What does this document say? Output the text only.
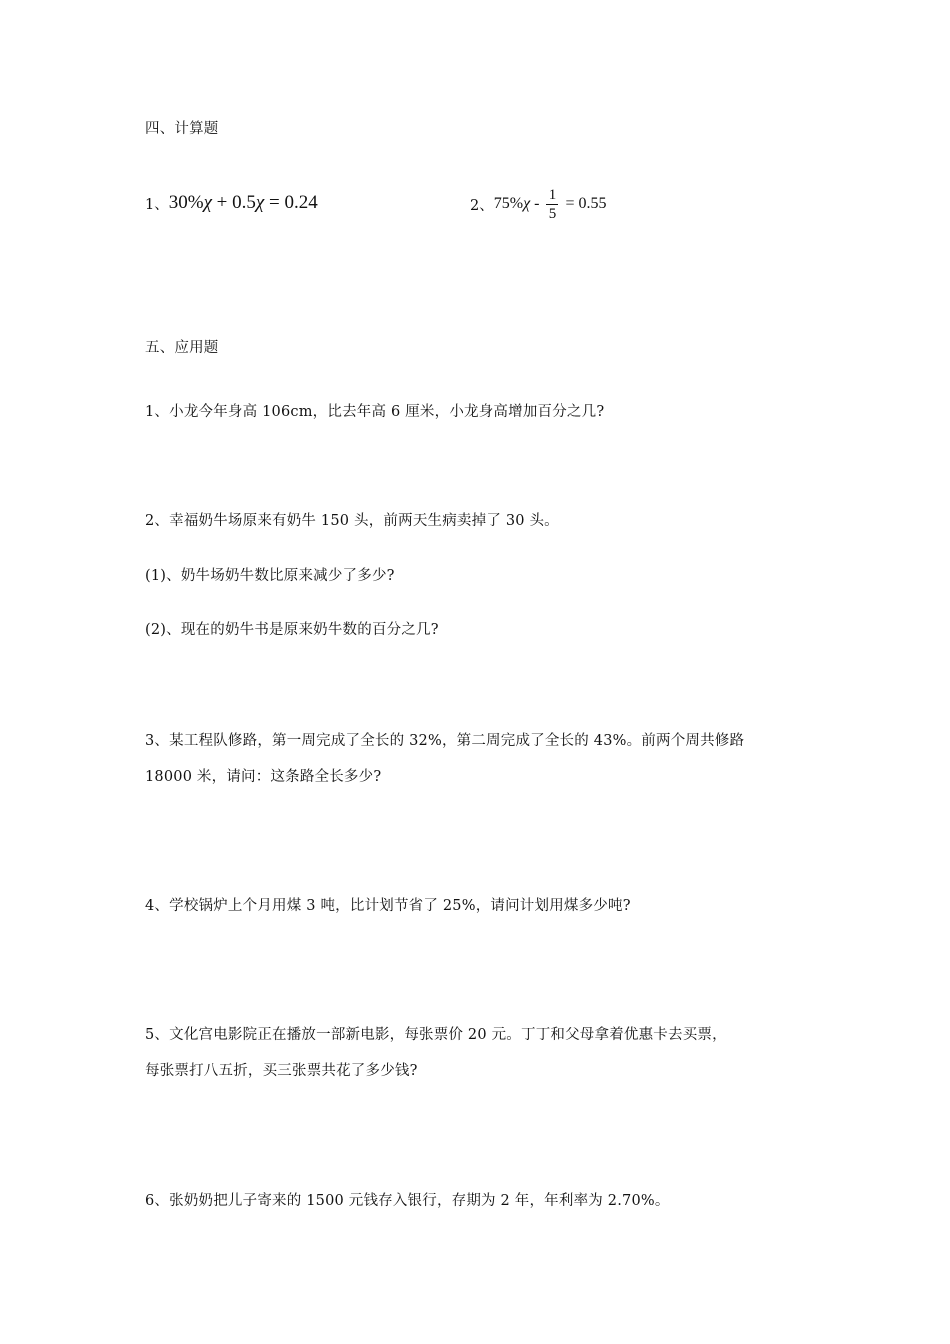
四、计算题
1、 30%χ + 0.5χ = 0.24	2、 75% $\chi - \frac{1}{5} = 0.55$
五、应用题
1、小龙今年身高 106cm，比去年高 6 厘米，小龙身高增加百分之几?
2、幸福奶牛场原来有奶牛 150 头，前两天生病卖掉了 30 头。
(1)、奶牛场奶牛数比原来减少了多少?
(2)、现在的奶牛书是原来奶牛数的百分之几?
3、某工程队修路，第一周完成了全长的 32%，第二周完成了全长的 43%。前两个周共修路
18000 米，请问：这条路全长多少?
4、学校锅炉上个月用煤 3 吨，比计划节省了 25%，请问计划用煤多少吨?
5、文化宫电影院正在播放一部新电影，每张票价 20 元。丁丁和父母拿着优惠卡去买票，
每张票打八五折，买三张票共花了多少钱?
6、张奶奶把儿子寄来的 1500 元钱存入银行，存期为 2 年，年利率为 2.70%。
